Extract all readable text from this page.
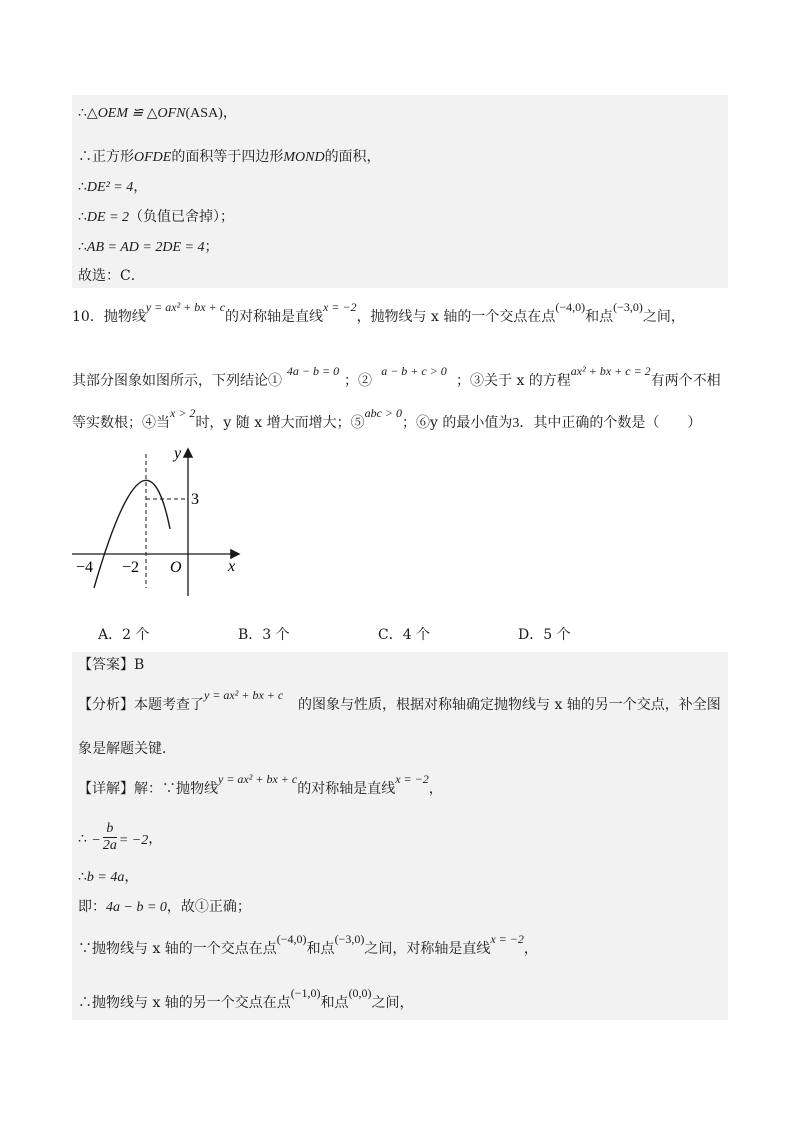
∴△OEM ≌ △OFN(ASA)，
∴正方形OFDE的面积等于四边形MOND的面积，
∴DE² = 4，
∴DE = 2（负值已舍掉）；
∴AB = AD = 2DE = 4；
故选：C．
10．抛物线y = ax² + bx + c的对称轴是直线x = −2，抛物线与 x 轴的一个交点在点(−4,0)和点(−3,0)之间，
其部分图象如图所示，下列结论①4a − b = 0；②a − b + c > 0；③关于 x 的方程ax² + bx + c = 2有两个不相
等实数根；④当x > 2时，y 随 x 增大而增大；⑤abc > 0；⑥y 的最小值为3．其中正确的个数是（　　）
y
x
3
−4 −2 O
A．2 个	B．3 个	C．4 个	D．5 个
【答案】B
【分析】本题考查了y = ax² + bx + c的图象与性质，根据对称轴确定抛物线与 x 轴的另一个交点，补全图
象是解题关键．
【详解】解：∵抛物线y = ax² + bx + c的对称轴是直线x = −2，
∴ − $\frac{b}{2a} = -2$，
∴b = 4a，
即：4a − b = 0，故①正确；
∵抛物线与 x 轴的一个交点在点(−4,0)和点(−3,0)之间，对称轴是直线x = −2，
∴抛物线与 x 轴的另一个交点在点(−1,0)和点(0,0)之间，
